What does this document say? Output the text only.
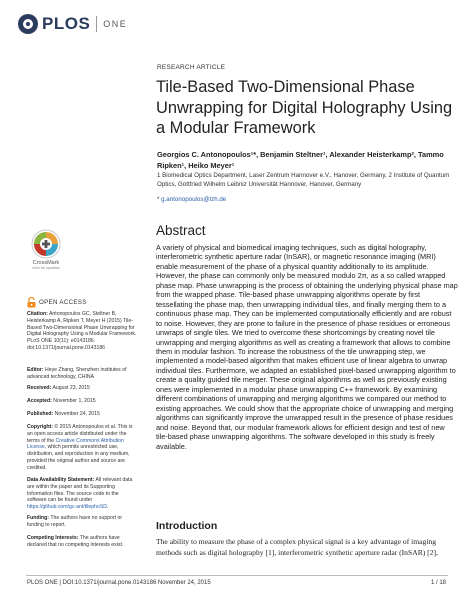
PLOS ONE
RESEARCH ARTICLE
Tile-Based Two-Dimensional Phase Unwrapping for Digital Holography Using a Modular Framework
Georgios C. Antonopoulos¹*, Benjamin Steltner¹, Alexander Heisterkamp², Tammo Ripken¹, Heiko Meyer¹
1 Biomedical Optics Department, Laser Zentrum Hannover e.V., Hanover, Germany, 2 Institute of Quantum Optics, Gottfried Wilhelm Leibniz Universität Hannover, Hanover, Germany
* g.antonopoulos@lzh.de
Abstract
A variety of physical and biomedical imaging techniques, such as digital holography, interferometric synthetic aperture radar (InSAR), or magnetic resonance imaging (MRI) enable measurement of the phase of a physical quantity additionally to its amplitude. However, the phase can commonly only be measured modulo 2π, as a so called wrapped phase map. Phase unwrapping is the process of obtaining the underlying physical phase map from the wrapped phase. Tile-based phase unwrapping algorithms operate by first tessellating the phase map, then unwrapping individual tiles, and finally merging them to a continuous phase map. They can be implemented computationally efficiently and are robust to noise. However, they are prone to failure in the presence of phase residues or erroneous unwraps of single tiles. We tried to overcome these shortcomings by creating novel tile unwrapping and merging algorithms as well as creating a framework that allows to combine them in modular fashion. To increase the robustness of the tile unwrapping step, we implemented a model-based algorithm that makes efficient use of linear algebra to unwrap individual tiles. Furthermore, we adapted an established pixel-based unwrapping algorithm to create a quality guided tile merger. These original algorithms as well as previously existing ones were implemented in a modular phase unwrapping C++ framework. By examining different combinations of unwrapping and merging algorithms we compared our method to existing approaches. We could show that the appropriate choice of unwrapping and merging algorithms can significantly improve the unwrapped result in the presence of phase residues and noise. Beyond that, our modular framework allows for efficient design and test of new tile-based phase unwrapping algorithms. The software developed in this study is freely available.
Introduction
The ability to measure the phase of a complex physical signal is a key advantage of imaging methods such as digital holography [1], interferometric synthetic aperture radar (InSAR) [2],
CrossMark
click for updates
OPEN ACCESS
Citation: Antonopoulos GC, Steltner B, Heisterkamp A, Ripken T, Meyer H (2015) Tile-Based Two-Dimensional Phase Unwrapping for Digital Holography Using a Modular Framework. PLoS ONE 10(11): e0143186. doi:10.1371/journal.pone.0143186
Editor: Heye Zhang, Shenzhen institutes of advanced technology, CHINA
Received: August 23, 2015
Accepted: November 1, 2015
Published: November 24, 2015
Copyright: © 2015 Antonopoulos et al. This is an open access article distributed under the terms of the Creative Commons Attribution License, which permits unrestricted use, distribution, and reproduction in any medium, provided the original author and source are credited.
Data Availability Statement: All relevant data are within the paper and its Supporting Information files. The source code to the software can be found under https://github.com/gc-ant/tilephoSD.
Funding: The authors have no support or funding to report.
Competing Interests: The authors have declared that no competing interests exist.
PLOS ONE | DOI:10.1371/journal.pone.0143186 November 24, 2015	1 / 18
